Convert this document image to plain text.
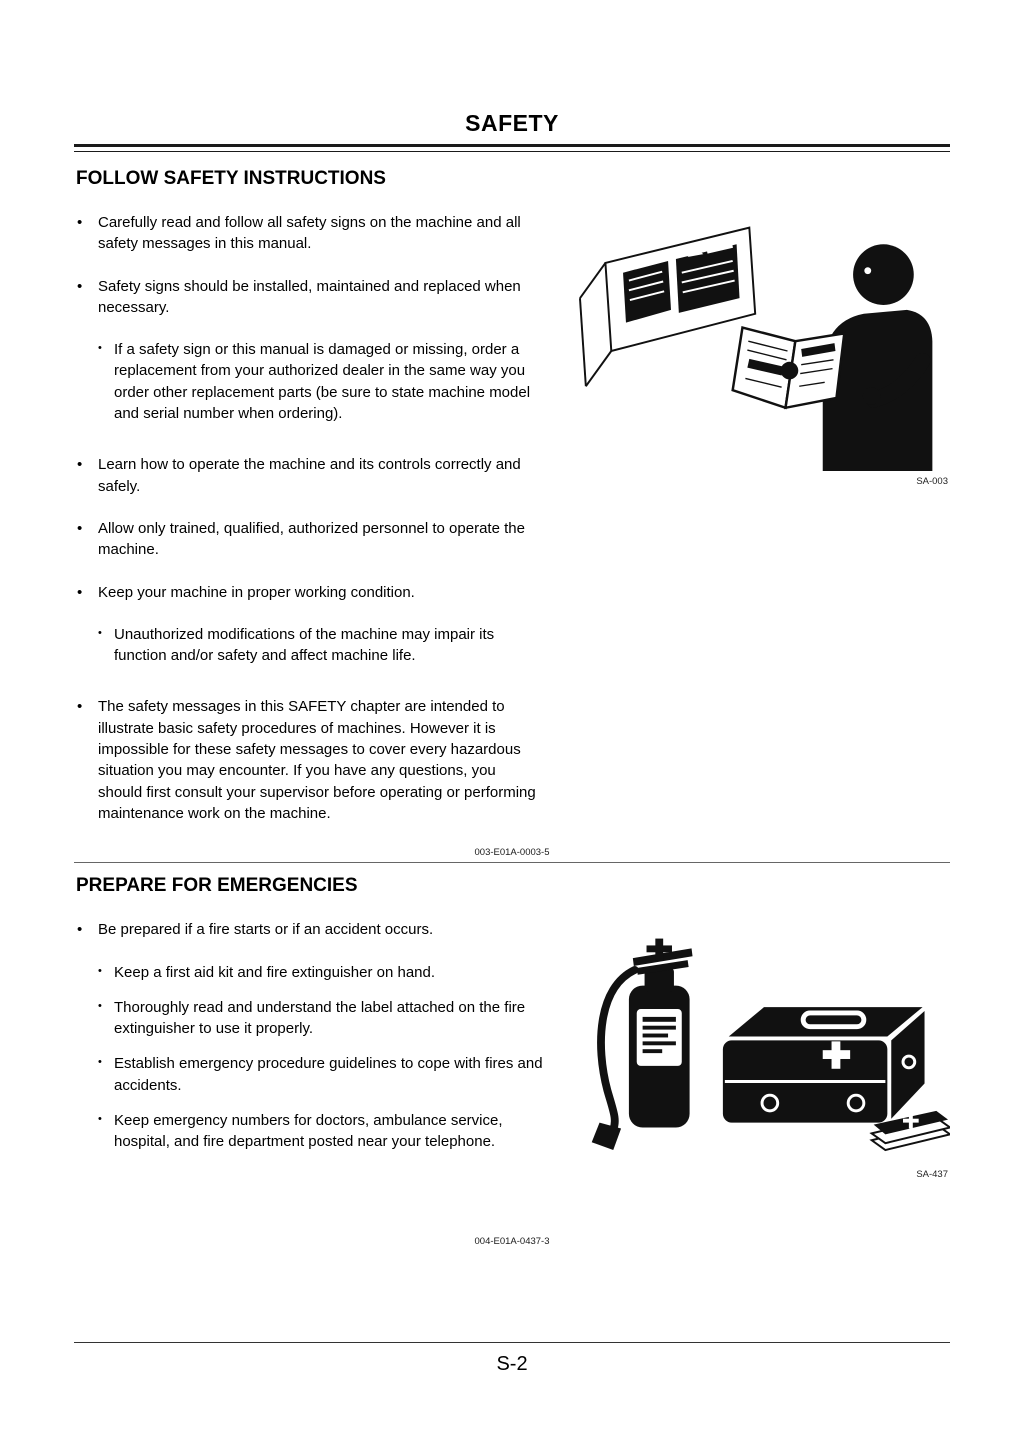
SAFETY
FOLLOW SAFETY INSTRUCTIONS
•	Carefully read and follow all safety signs on the machine and all safety messages in this manual.
•	Safety signs should be installed, maintained and replaced when necessary.
• If a safety sign or this manual is damaged or missing, order a replacement from your authorized dealer in the same way you order other replacement parts (be sure to state machine model and serial number when ordering).
•	Learn how to operate the machine and its controls correctly and safely.
•	Allow only trained, qualified, authorized personnel to operate the machine.
•	Keep your machine in proper working condition.
• Unauthorized modifications of the machine may impair its function and/or safety and affect machine life.
•	The safety messages in this SAFETY chapter are intended to illustrate basic safety procedures of machines. However it is impossible for these safety messages to cover every hazardous situation you may encounter. If you have any questions, you should first consult your supervisor before operating or performing maintenance work on the machine.
SA-003
003-E01A-0003-5
PREPARE FOR EMERGENCIES
•	Be prepared if a fire starts or if an accident occurs.
• Keep a first aid kit and fire extinguisher on hand.
• Thoroughly read and understand the label attached on the fire extinguisher to use it properly.
• Establish emergency procedure guidelines to cope with fires and accidents.
• Keep emergency numbers for doctors, ambulance service, hospital, and fire department posted near your telephone.
SA-437
004-E01A-0437-3
S-2
